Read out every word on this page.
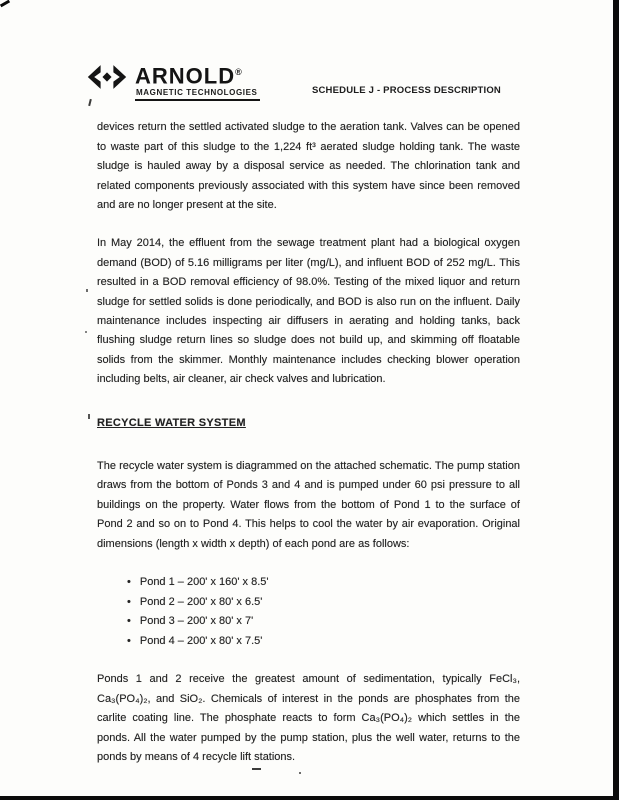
ARNOLD®
MAGNETIC TECHNOLOGIES	SCHEDULE J - PROCESS DESCRIPTION

devices return the settled activated sludge to the aeration tank. Valves can be opened to waste part of this sludge to the 1,224 ft³ aerated sludge holding tank. The waste sludge is hauled away by a disposal service as needed. The chlorination tank and related components previously associated with this system have since been removed and are no longer present at the site.

In May 2014, the effluent from the sewage treatment plant had a biological oxygen demand (BOD) of 5.16 milligrams per liter (mg/L), and influent BOD of 252 mg/L. This resulted in a BOD removal efficiency of 98.0%. Testing of the mixed liquor and return sludge for settled solids is done periodically, and BOD is also run on the influent. Daily maintenance includes inspecting air diffusers in aerating and holding tanks, back flushing sludge return lines so sludge does not build up, and skimming off floatable solids from the skimmer. Monthly maintenance includes checking blower operation including belts, air cleaner, air check valves and lubrication.

RECYCLE WATER SYSTEM

The recycle water system is diagrammed on the attached schematic. The pump station draws from the bottom of Ponds 3 and 4 and is pumped under 60 psi pressure to all buildings on the property. Water flows from the bottom of Pond 1 to the surface of Pond 2 and so on to Pond 4. This helps to cool the water by air evaporation. Original dimensions (length x width x depth) of each pond are as follows:

•
Pond 1 – 200' x 160' x 8.5'
•
Pond 2 – 200' x 80' x 6.5'
•
Pond 3 – 200' x 80' x 7'
•
Pond 4 – 200' x 80' x 7.5'

Ponds 1 and 2 receive the greatest amount of sedimentation, typically FeCl₃, Ca₃(PO₄)₂, and SiO₂. Chemicals of interest in the ponds are phosphates from the carlite coating line. The phosphate reacts to form Ca₃(PO₄)₂ which settles in the ponds. All the water pumped by the pump station, plus the well water, returns to the ponds by means of 4 recycle lift stations.
